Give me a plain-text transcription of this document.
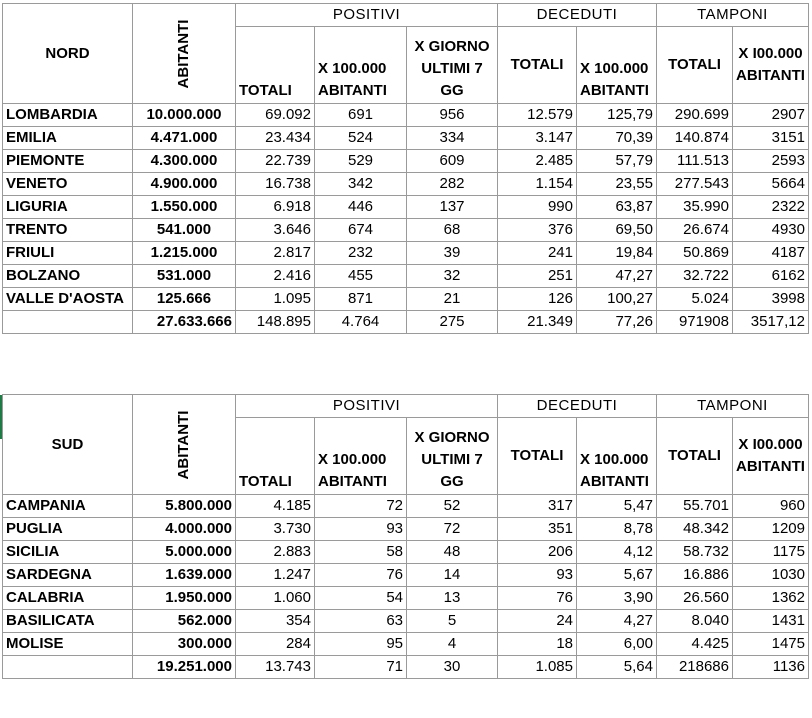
NORD	ABITANTI	POSITIVI			DECEDUTI		TAMPONI	
		TOTALI	X 100.000 ABITANTI	X GIORNO ULTIMI 7 GG	TOTALI	X 100.000 ABITANTI	TOTALI	X I00.000 ABITANTI
LOMBARDIA	10.000.000	69.092	691	956	12.579	125,79	290.699	2907
EMILIA	4.471.000	23.434	524	334	3.147	70,39	140.874	3151
PIEMONTE	4.300.000	22.739	529	609	2.485	57,79	111.513	2593
VENETO	4.900.000	16.738	342	282	1.154	23,55	277.543	5664
LIGURIA	1.550.000	6.918	446	137	990	63,87	35.990	2322
TRENTO	541.000	3.646	674	68	376	69,50	26.674	4930
FRIULI	1.215.000	2.817	232	39	241	19,84	50.869	4187
BOLZANO	531.000	2.416	455	32	251	47,27	32.722	6162
VALLE D'AOSTA	125.666	1.095	871	21	126	100,27	5.024	3998
	27.633.666	148.895	4.764	275	21.349	77,26	971908	3517,12
SUD	ABITANTI	POSITIVI			DECEDUTI		TAMPONI	
		TOTALI	X 100.000 ABITANTI	X GIORNO ULTIMI 7 GG	TOTALI	X 100.000 ABITANTI	TOTALI	X I00.000 ABITANTI
CAMPANIA	5.800.000	4.185	72	52	317	5,47	55.701	960
PUGLIA	4.000.000	3.730	93	72	351	8,78	48.342	1209
SICILIA	5.000.000	2.883	58	48	206	4,12	58.732	1175
SARDEGNA	1.639.000	1.247	76	14	93	5,67	16.886	1030
CALABRIA	1.950.000	1.060	54	13	76	3,90	26.560	1362
BASILICATA	562.000	354	63	5	24	4,27	8.040	1431
MOLISE	300.000	284	95	4	18	6,00	4.425	1475
	19.251.000	13.743	71	30	1.085	5,64	218686	1136
